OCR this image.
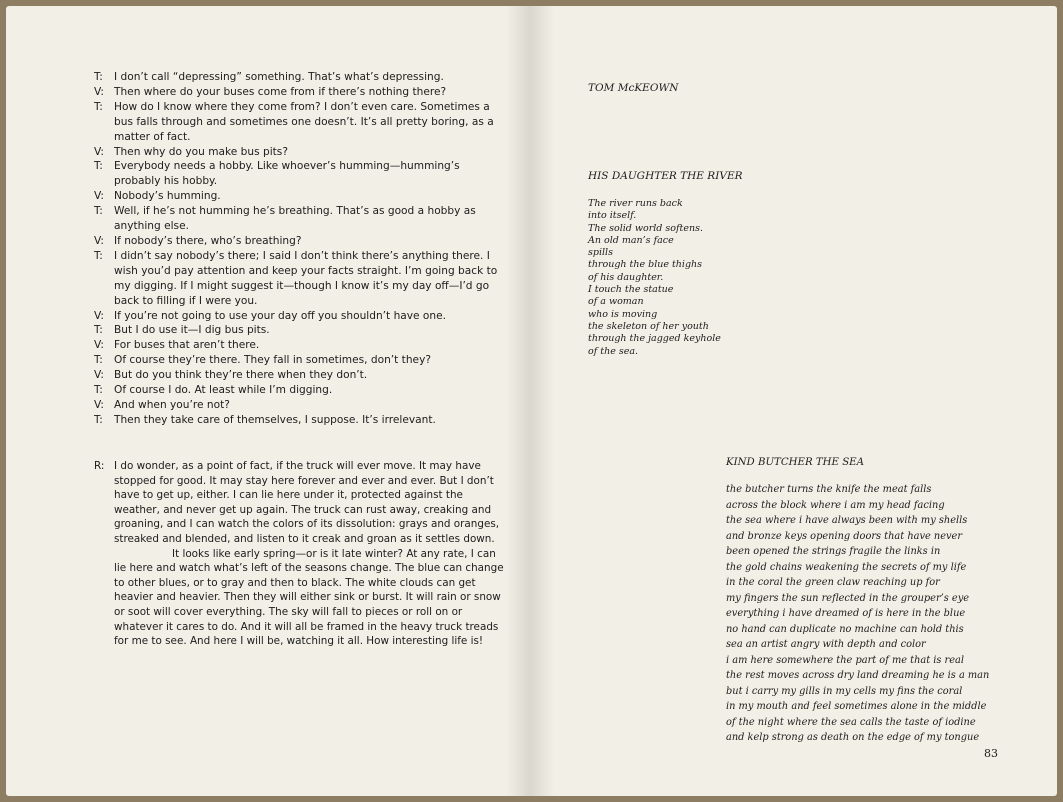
T:	I don’t call “depressing” something. That’s what’s depressing.
V: Then where do your buses come from if there’s nothing there?
T:	How do I know where they come from? I don’t even care. Sometimes a bus falls through and sometimes one doesn’t. It’s all pretty boring, as a matter of fact.
V: Then why do you make bus pits?
T:	Everybody needs a hobby. Like whoever’s humming—humming’s probably his hobby.
V: Nobody’s humming.
T:	Well, if he’s not humming he’s breathing. That’s as good a hobby as anything else.
V: If nobody’s there, who’s breathing?
T:	I didn’t say nobody’s there; I said I don’t think there’s anything there. I wish you’d pay attention and keep your facts straight. I’m going back to my digging. If I might suggest it—though I know it’s my day off—I’d go back to filling if I were you.
V: If you’re not going to use your day off you shouldn’t have one.
T:	But I do use it—I dig bus pits.
V: For buses that aren’t there.
T:	Of course they’re there. They fall in sometimes, don’t they?
V: But do you think they’re there when they don’t.
T:	Of course I do. At least while I’m digging.
V: And when you’re not?
T:	Then they take care of themselves, I suppose. It’s irrelevant.
R: I do wonder, as a point of fact, if the truck will ever move. It may have stopped for good. It may stay here forever and ever and ever. But I don’t have to get up, either. I can lie here under it, protected against the weather, and never get up again. The truck can rust away, creaking and groaning, and I can watch the colors of its dissolution: grays and oranges, streaked and blended, and listen to it creak and groan as it settles down.

It looks like early spring—or is it late winter? At any rate, I can lie here and watch what’s left of the seasons change. The blue can change to other blues, or to gray and then to black. The white clouds can get heavier and heavier. Then they will either sink or burst. It will rain or snow or soot will cover everything. The sky will fall to pieces or roll on or whatever it cares to do. And it will all be framed in the heavy truck treads for me to see. And here I will be, watching it all. How interesting life is!

TOM McKEOWN
HIS DAUGHTER THE RIVER
The river runs back
into itself.
The solid world softens.
An old man’s face
spills
through the blue thighs
of his daughter.
I touch the statue
of a woman
who is moving
the skeleton of her youth
through the jagged keyhole
of the sea.
KIND BUTCHER THE SEA
the butcher turns the knife the meat falls
across the block where i am my head facing
the sea where i have always been with my shells
and bronze keys opening doors that have never
been opened the strings fragile the links in
the gold chains weakening the secrets of my life
in the coral the green claw reaching up for
my fingers the sun reflected in the grouper’s eye
everything i have dreamed of is here in the blue
no hand can duplicate no machine can hold this
sea an artist angry with depth and color
i am here somewhere the part of me that is real
the rest moves across dry land dreaming he is a man
but i carry my gills in my cells my fins the coral
in my mouth and feel sometimes alone in the middle
of the night where the sea calls the taste of iodine
and kelp strong as death on the edge of my tongue
83
